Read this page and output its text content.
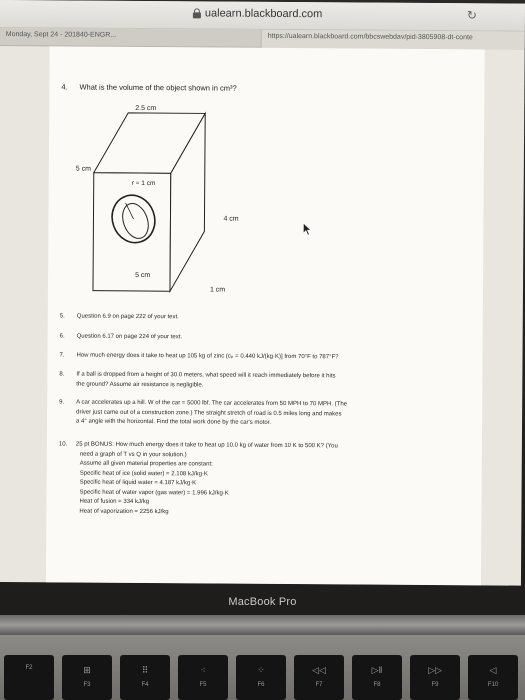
ualearn.blackboard.com	↻
Monday, Sept 24 - 201840-ENGR...	https://ualearn.blackboard.com/bbcswebdav/pid-3805908-dt-conte
4. What is the volume of the object shown in cm³?
2.5 cm
5 cm
r = 1 cm
4 cm
5 cm
1 cm
5.	Question 6.9 on page 222 of your text.
6.	Question 6.17 on page 224 of your text.
7.	How much energy does it take to heat up 105 kg of zinc (cₚ = 0.440 kJ/(kg·K)] from 70°F to 787°F?
8.	If a ball is dropped from a height of 30.0 meters, what speed will it reach immediately before it hits
the ground? Assume air resistance is negligible.
9.	A car accelerates up a hill. W of the car = 5000 lbf. The car accelerates from 50 MPH to 70 MPH. (The
driver just came out of a construction zone.) The straight stretch of road is 0.5 miles long and makes
a 4° angle with the horizontal. Find the total work done by the car's motor.
10.	25 pt BONUS: How much energy does it take to heat up 10.0 kg of water from 10 K to 500 K? (You
need a graph of T vs Q in your solution.)
Assume all given material properties are constant:
Specific heat of ice (solid water) = 2.108 kJ/kg·K
Specific heat of liquid water = 4.187 kJ/kg·K
Specific heat of water vapor (gas water) = 1.996 kJ/kg·K
Heat of fusion = 334 kJ/kg
Heat of vaporization = 2256 kJ/kg
MacBook Pro
F2	⊞
F3
⠿
F4
⁖
F5
⁘
F6
◁◁
F7
▷‖
F8
▷▷
F9
◁
F10
